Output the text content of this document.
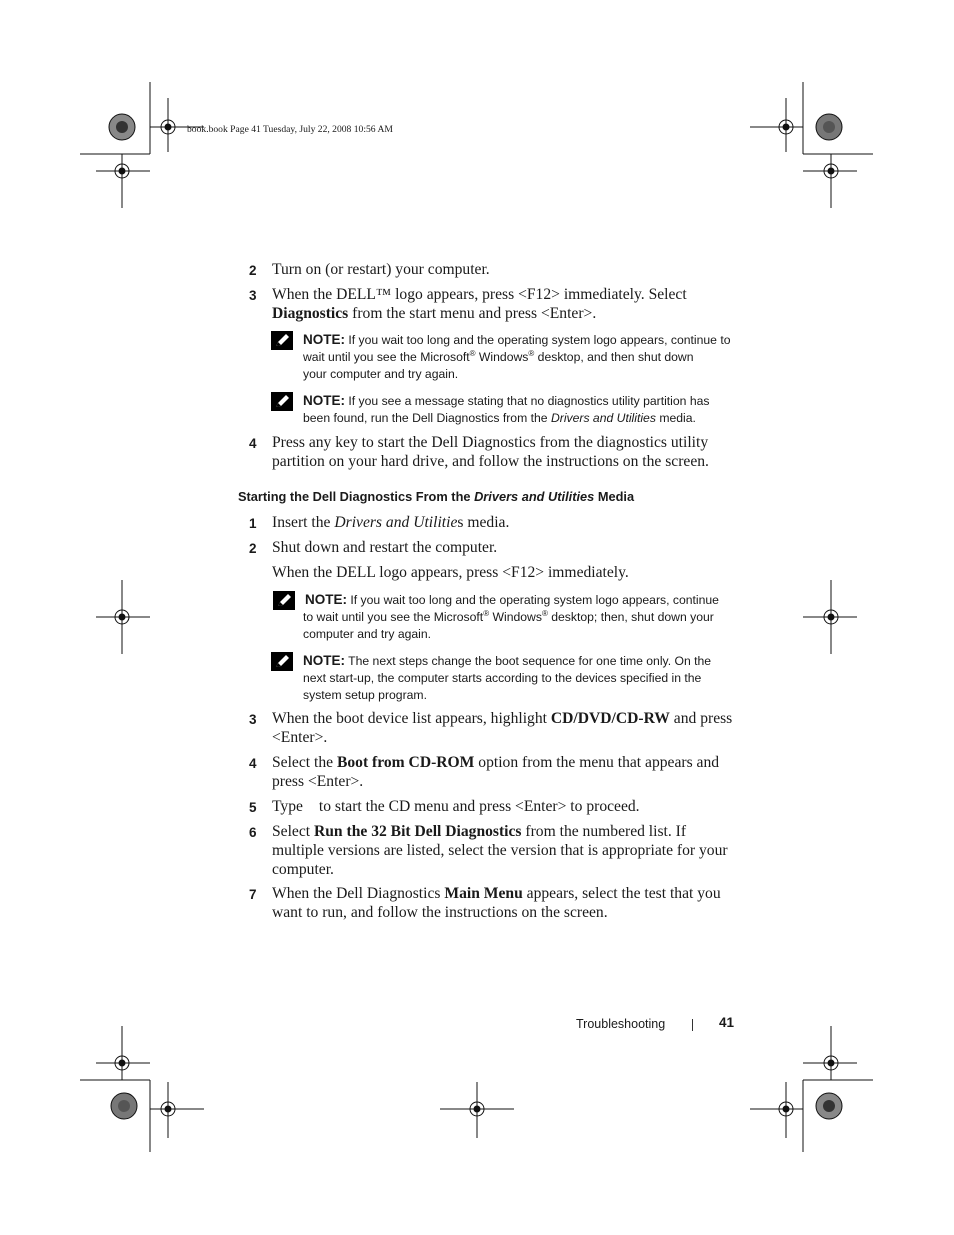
book.book Page 41 Tuesday, July 22, 2008 10:56 AM
2 Turn on (or restart) your computer.
3 When the DELL™ logo appears, press <F12> immediately. Select
Diagnostics from the start menu and press <Enter>.
NOTE: If you wait too long and the operating system logo appears, continue to
wait until you see the Microsoft® Windows® desktop, and then shut down
your computer and try again.
NOTE: If you see a message stating that no diagnostics utility partition has
been found, run the Dell Diagnostics from the Drivers and Utilities media.
4 Press any key to start the Dell Diagnostics from the diagnostics utility
partition on your hard drive, and follow the instructions on the screen.
Starting the Dell Diagnostics From the Drivers and Utilities Media
1 Insert the Drivers and Utilities media.
2 Shut down and restart the computer.
When the DELL logo appears, press <F12> immediately.
NOTE: If you wait too long and the operating system logo appears, continue
to wait until you see the Microsoft® Windows® desktop; then, shut down your
computer and try again.
NOTE: The next steps change the boot sequence for one time only. On the
next start-up, the computer starts according to the devices specified in the
system setup program.
3 When the boot device list appears, highlight CD/DVD/CD-RW and press
<Enter>.
4 Select the Boot from CD-ROM option from the menu that appears and
press <Enter>.
5 Type to start the CD menu and press <Enter> to proceed.
6 Select Run the 32 Bit Dell Diagnostics from the numbered list. If
multiple versions are listed, select the version that is appropriate for your
computer.
7 When the Dell Diagnostics Main Menu appears, select the test that you
want to run, and follow the instructions on the screen.
Troubleshooting	41
